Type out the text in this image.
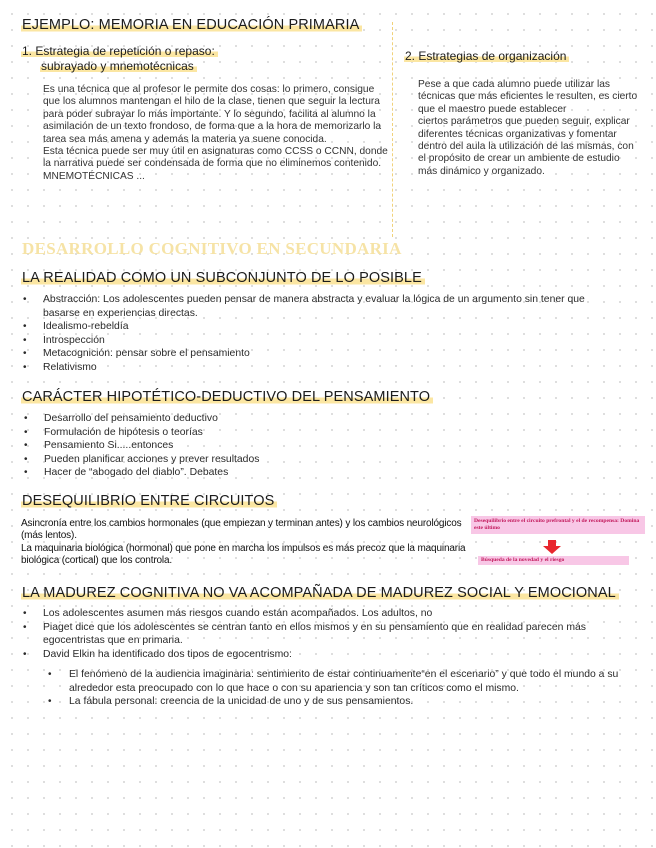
EJEMPLO: MEMORIA EN EDUCACIÓN PRIMARIA
1. Estrategia de repetición o repaso:
subrayado y mnemotécnicas

Es una técnica que al profesor le permite dos cosas: lo primero, consigue que los alumnos mantengan el hilo de la clase, tienen que seguir la lectura para poder subrayar lo más importante. Y lo segundo, facilita al alumno la asimilación de un texto frondoso, de forma que a la hora de memorizarlo la tarea sea más amena y además la materia ya suene conocida.

Esta técnica puede ser muy útil en asignaturas como CCSS o CCNN, donde la narrativa puede ser condensada de forma que no eliminemos contenido.

MNEMOTÉCNICAS ...

2. Estrategias de organización

Pese a que cada alumno puede utilizar las técnicas que más eficientes le resulten, es cierto que el maestro puede establecer

ciertos parámetros que pueden seguir, explicar diferentes técnicas organizativas y fomentar dentro del aula la utilización de las mismas, con el propósito de crear un ambiente de estudio más dinámico y organizado.

DESARROLLO COGNITIVO EN SECUNDARIA
LA REALIDAD COMO UN SUBCONJUNTO DE LO POSIBLE
• Abstracción: Los adolescentes pueden pensar de manera abstracta y evaluar la lógica de un argumento sin tener que basarse en experiencias directas.
• Idealismo-rebeldía
• Introspección
• Metacognición: pensar sobre el pensamiento
• Relativismo
CARÁCTER HIPOTÉTICO-DEDUCTIVO DEL PENSAMIENTO
• Desarrollo del pensamiento deductivo
• Formulación de hipótesis o teorías
• Pensamiento Si.....entonces
• Pueden planificar acciones y prever resultados
• Hacer de “abogado del diablo”. Debates
DESEQUILIBRIO ENTRE CIRCUITOS
Asincronía entre los cambios hormonales (que empiezan y terminan antes) y los cambios neurológicos (más lentos).
La maquinaria biológica (hormonal) que pone en marcha los impulsos es más precoz que la maquinaria biológica (cortical) que los controla.
Desequilibrio entre el circuito prefrontal y el de recompensa: Domina este último
Búsqueda de la novedad y el riesgo
LA MADUREZ COGNITIVA NO VA ACOMPAÑADA DE MADUREZ SOCIAL Y EMOCIONAL
• Los adolescentes asumen más riesgos cuando están acompañados. Los adultos, no
• Piaget dice que los adolescentes se centran tanto en ellos mismos y en su pensamiento que en realidad parecen más egocentristas que en primaria.
• David Elkin ha identificado dos tipos de egocentrismo:
• El fenómeno de la audiencia imaginaria: sentimiento de estar continuamente“en el escenario” y que todo el mundo a su alrededor esta preocupado con lo que hace o con su apariencia y son tan críticos como el mismo.
• La fábula personal: creencia de la unicidad de uno y de sus pensamientos.
